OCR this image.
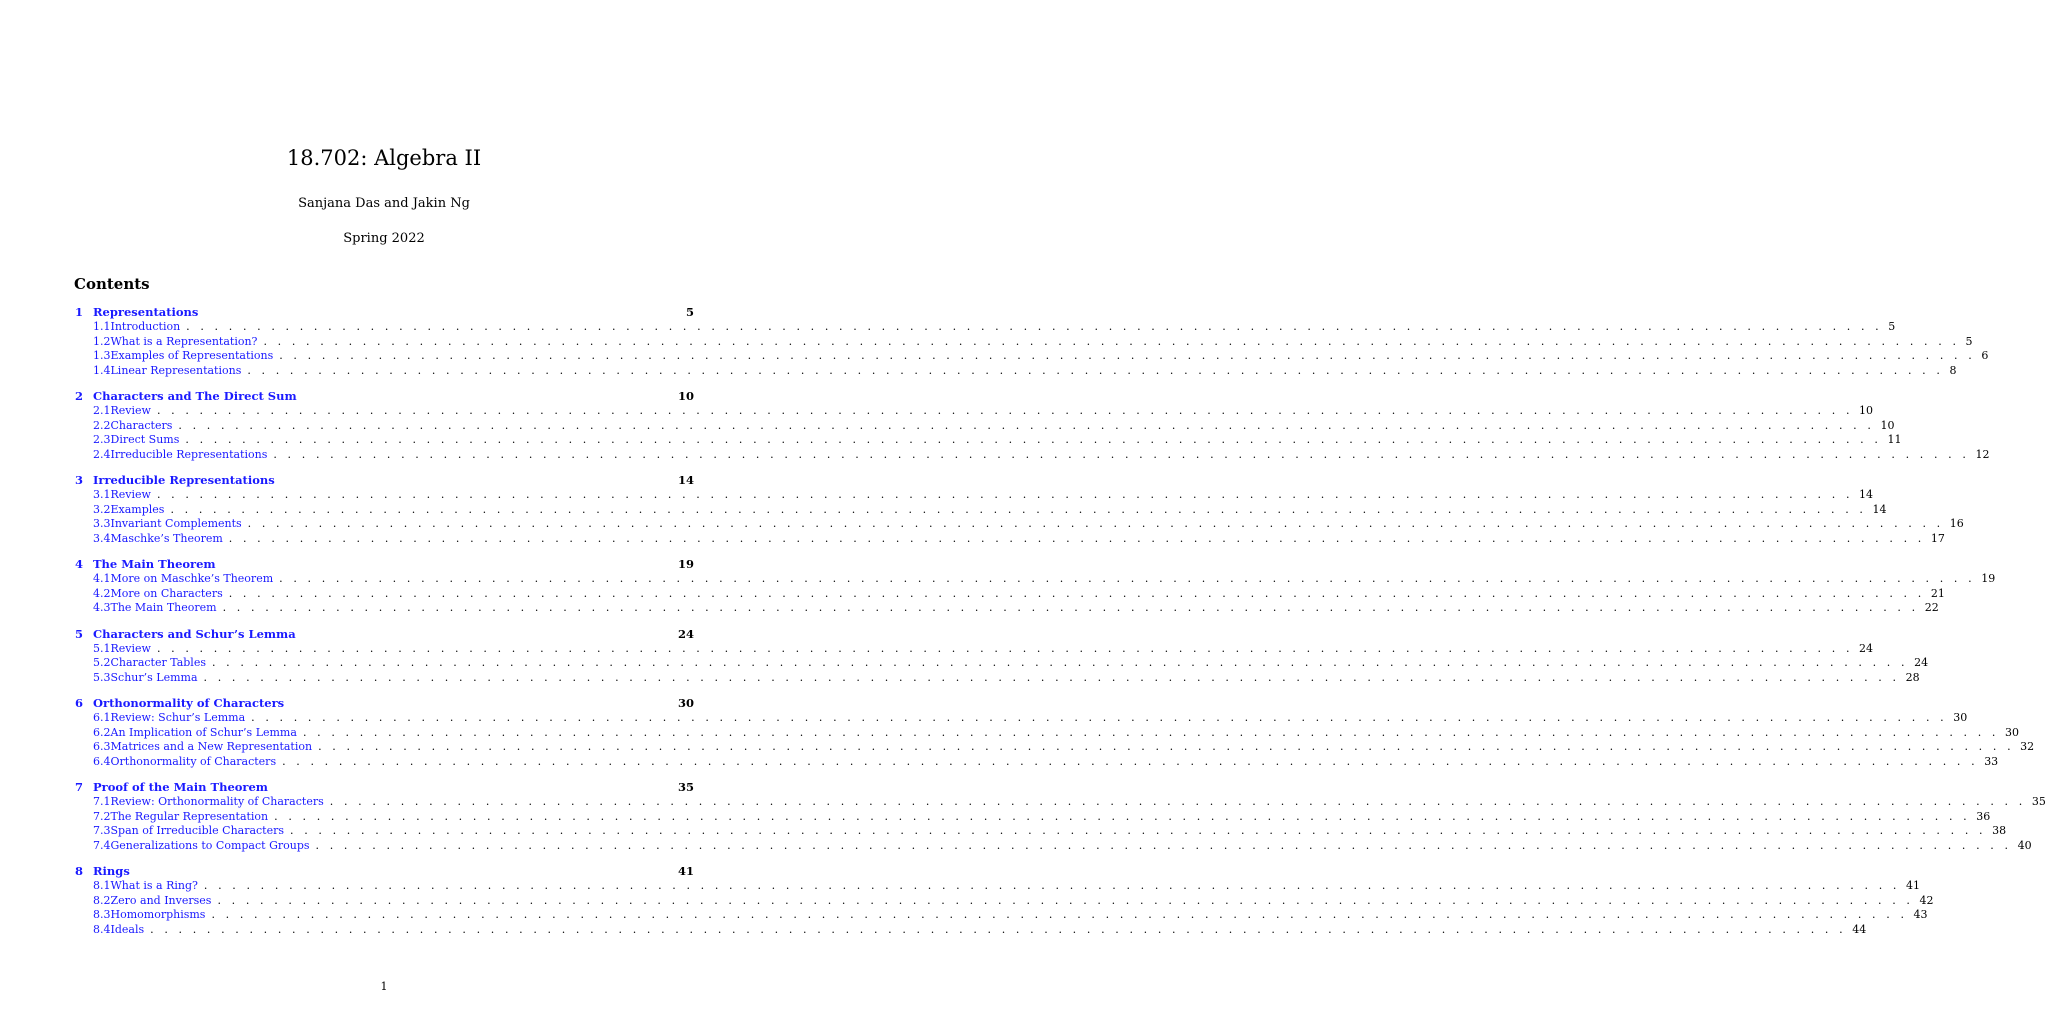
18.702: Algebra II
Sanjana Das and Jakin Ng
Spring 2022
Contents
1 Representations	5
1.1 Introduction . . . . . . . . . . . . . . . . . . . . . . . . . . . . . . . . . . . . . . . . . . . . . . . . . . . . . . . . . . . . . . . . . . . . . . . . . . . . . . . . . . . . . . . . . . . . . . . . . . . . . . . . . . . . . . . . . . . . . . . . 5
1.2 What is a Representation? . . . . . . . . . . . . . . . . . . . . . . . . . . . . . . . . . . . . . . . . . . . . . . . . . . . . . . . . . . . . . . . . . . . . . . . . . . . . . . . . . . . . . . . . . . . . . . . . . . . . . . . . . . . . . . . . . . . . . . . . 5
1.3 Examples of Representations . . . . . . . . . . . . . . . . . . . . . . . . . . . . . . . . . . . . . . . . . . . . . . . . . . . . . . . . . . . . . . . . . . . . . . . . . . . . . . . . . . . . . . . . . . . . . . . . . . . . . . . . . . . . . . . . . . . . . . . . 6
1.4 Linear Representations . . . . . . . . . . . . . . . . . . . . . . . . . . . . . . . . . . . . . . . . . . . . . . . . . . . . . . . . . . . . . . . . . . . . . . . . . . . . . . . . . . . . . . . . . . . . . . . . . . . . . . . . . . . . . . . . . . . . . . . . 8
2 Characters and The Direct Sum	10
2.1 Review . . . . . . . . . . . . . . . . . . . . . . . . . . . . . . . . . . . . . . . . . . . . . . . . . . . . . . . . . . . . . . . . . . . . . . . . . . . . . . . . . . . . . . . . . . . . . . . . . . . . . . . . . . . . . . . . . . . . . . . . 10
2.2 Characters . . . . . . . . . . . . . . . . . . . . . . . . . . . . . . . . . . . . . . . . . . . . . . . . . . . . . . . . . . . . . . . . . . . . . . . . . . . . . . . . . . . . . . . . . . . . . . . . . . . . . . . . . . . . . . . . . . . . . . . . 10
2.3 Direct Sums . . . . . . . . . . . . . . . . . . . . . . . . . . . . . . . . . . . . . . . . . . . . . . . . . . . . . . . . . . . . . . . . . . . . . . . . . . . . . . . . . . . . . . . . . . . . . . . . . . . . . . . . . . . . . . . . . . . . . . . . 11
2.4 Irreducible Representations . . . . . . . . . . . . . . . . . . . . . . . . . . . . . . . . . . . . . . . . . . . . . . . . . . . . . . . . . . . . . . . . . . . . . . . . . . . . . . . . . . . . . . . . . . . . . . . . . . . . . . . . . . . . . . . . . . . . . . . . 12
3 Irreducible Representations	14
3.1 Review . . . . . . . . . . . . . . . . . . . . . . . . . . . . . . . . . . . . . . . . . . . . . . . . . . . . . . . . . . . . . . . . . . . . . . . . . . . . . . . . . . . . . . . . . . . . . . . . . . . . . . . . . . . . . . . . . . . . . . . . 14
3.2 Examples . . . . . . . . . . . . . . . . . . . . . . . . . . . . . . . . . . . . . . . . . . . . . . . . . . . . . . . . . . . . . . . . . . . . . . . . . . . . . . . . . . . . . . . . . . . . . . . . . . . . . . . . . . . . . . . . . . . . . . . . 14
3.3 Invariant Complements . . . . . . . . . . . . . . . . . . . . . . . . . . . . . . . . . . . . . . . . . . . . . . . . . . . . . . . . . . . . . . . . . . . . . . . . . . . . . . . . . . . . . . . . . . . . . . . . . . . . . . . . . . . . . . . . . . . . . . . . 16
3.4 Maschke’s Theorem . . . . . . . . . . . . . . . . . . . . . . . . . . . . . . . . . . . . . . . . . . . . . . . . . . . . . . . . . . . . . . . . . . . . . . . . . . . . . . . . . . . . . . . . . . . . . . . . . . . . . . . . . . . . . . . . . . . . . . . . 17
4 The Main Theorem	19
4.1 More on Maschke’s Theorem . . . . . . . . . . . . . . . . . . . . . . . . . . . . . . . . . . . . . . . . . . . . . . . . . . . . . . . . . . . . . . . . . . . . . . . . . . . . . . . . . . . . . . . . . . . . . . . . . . . . . . . . . . . . . . . . . . . . . . . . 19
4.2 More on Characters . . . . . . . . . . . . . . . . . . . . . . . . . . . . . . . . . . . . . . . . . . . . . . . . . . . . . . . . . . . . . . . . . . . . . . . . . . . . . . . . . . . . . . . . . . . . . . . . . . . . . . . . . . . . . . . . . . . . . . . . 21
4.3 The Main Theorem . . . . . . . . . . . . . . . . . . . . . . . . . . . . . . . . . . . . . . . . . . . . . . . . . . . . . . . . . . . . . . . . . . . . . . . . . . . . . . . . . . . . . . . . . . . . . . . . . . . . . . . . . . . . . . . . . . . . . . . . 22
5 Characters and Schur’s Lemma	24
5.1 Review . . . . . . . . . . . . . . . . . . . . . . . . . . . . . . . . . . . . . . . . . . . . . . . . . . . . . . . . . . . . . . . . . . . . . . . . . . . . . . . . . . . . . . . . . . . . . . . . . . . . . . . . . . . . . . . . . . . . . . . . 24
5.2 Character Tables . . . . . . . . . . . . . . . . . . . . . . . . . . . . . . . . . . . . . . . . . . . . . . . . . . . . . . . . . . . . . . . . . . . . . . . . . . . . . . . . . . . . . . . . . . . . . . . . . . . . . . . . . . . . . . . . . . . . . . . . 24
5.3 Schur’s Lemma . . . . . . . . . . . . . . . . . . . . . . . . . . . . . . . . . . . . . . . . . . . . . . . . . . . . . . . . . . . . . . . . . . . . . . . . . . . . . . . . . . . . . . . . . . . . . . . . . . . . . . . . . . . . . . . . . . . . . . . . 28
6 Orthonormality of Characters	30
6.1 Review: Schur’s Lemma . . . . . . . . . . . . . . . . . . . . . . . . . . . . . . . . . . . . . . . . . . . . . . . . . . . . . . . . . . . . . . . . . . . . . . . . . . . . . . . . . . . . . . . . . . . . . . . . . . . . . . . . . . . . . . . . . . . . . . . . 30
6.2 An Implication of Schur’s Lemma . . . . . . . . . . . . . . . . . . . . . . . . . . . . . . . . . . . . . . . . . . . . . . . . . . . . . . . . . . . . . . . . . . . . . . . . . . . . . . . . . . . . . . . . . . . . . . . . . . . . . . . . . . . . . . . . . . . . . . . . 30
6.3 Matrices and a New Representation . . . . . . . . . . . . . . . . . . . . . . . . . . . . . . . . . . . . . . . . . . . . . . . . . . . . . . . . . . . . . . . . . . . . . . . . . . . . . . . . . . . . . . . . . . . . . . . . . . . . . . . . . . . . . . . . . . . . . . . . 32
6.4 Orthonormality of Characters . . . . . . . . . . . . . . . . . . . . . . . . . . . . . . . . . . . . . . . . . . . . . . . . . . . . . . . . . . . . . . . . . . . . . . . . . . . . . . . . . . . . . . . . . . . . . . . . . . . . . . . . . . . . . . . . . . . . . . . . 33
7 Proof of the Main Theorem	35
7.1 Review: Orthonormality of Characters . . . . . . . . . . . . . . . . . . . . . . . . . . . . . . . . . . . . . . . . . . . . . . . . . . . . . . . . . . . . . . . . . . . . . . . . . . . . . . . . . . . . . . . . . . . . . . . . . . . . . . . . . . . . . . . . . . . . . . . . 35
7.2 The Regular Representation . . . . . . . . . . . . . . . . . . . . . . . . . . . . . . . . . . . . . . . . . . . . . . . . . . . . . . . . . . . . . . . . . . . . . . . . . . . . . . . . . . . . . . . . . . . . . . . . . . . . . . . . . . . . . . . . . . . . . . . . 36
7.3 Span of Irreducible Characters . . . . . . . . . . . . . . . . . . . . . . . . . . . . . . . . . . . . . . . . . . . . . . . . . . . . . . . . . . . . . . . . . . . . . . . . . . . . . . . . . . . . . . . . . . . . . . . . . . . . . . . . . . . . . . . . . . . . . . . . 38
7.4 Generalizations to Compact Groups . . . . . . . . . . . . . . . . . . . . . . . . . . . . . . . . . . . . . . . . . . . . . . . . . . . . . . . . . . . . . . . . . . . . . . . . . . . . . . . . . . . . . . . . . . . . . . . . . . . . . . . . . . . . . . . . . . . . . . . . 40
8 Rings	41
8.1 What is a Ring? . . . . . . . . . . . . . . . . . . . . . . . . . . . . . . . . . . . . . . . . . . . . . . . . . . . . . . . . . . . . . . . . . . . . . . . . . . . . . . . . . . . . . . . . . . . . . . . . . . . . . . . . . . . . . . . . . . . . . . . . 41
8.2 Zero and Inverses . . . . . . . . . . . . . . . . . . . . . . . . . . . . . . . . . . . . . . . . . . . . . . . . . . . . . . . . . . . . . . . . . . . . . . . . . . . . . . . . . . . . . . . . . . . . . . . . . . . . . . . . . . . . . . . . . . . . . . . . 42
8.3 Homomorphisms . . . . . . . . . . . . . . . . . . . . . . . . . . . . . . . . . . . . . . . . . . . . . . . . . . . . . . . . . . . . . . . . . . . . . . . . . . . . . . . . . . . . . . . . . . . . . . . . . . . . . . . . . . . . . . . . . . . . . . . . 43
8.4 Ideals . . . . . . . . . . . . . . . . . . . . . . . . . . . . . . . . . . . . . . . . . . . . . . . . . . . . . . . . . . . . . . . . . . . . . . . . . . . . . . . . . . . . . . . . . . . . . . . . . . . . . . . . . . . . . . . . . . . . . . . . 44
1
